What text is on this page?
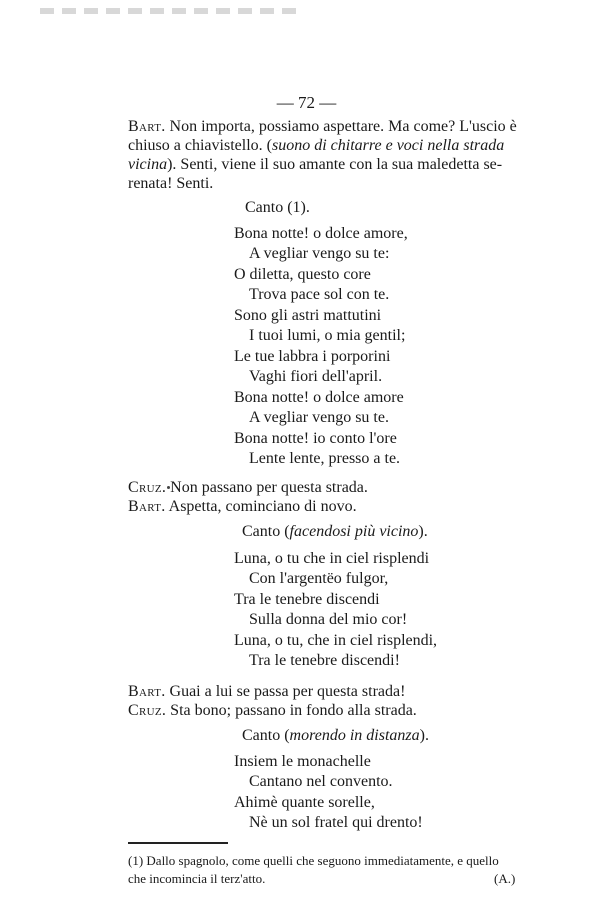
— 72 —
Bart. Non importa, possiamo aspettare. Ma come? L'uscio è
chiuso a chiavistello. (suono di chitarre e voci nella strada
vicina). Senti, viene il suo amante con la sua maledetta se-
renata! Senti.
Canto (1).
Bona notte! o dolce amore,
A vegliar vengo su te:
O diletta, questo core
Trova pace sol con te.
Sono gli astri mattutini
I tuoi lumi, o mia gentil;
Le tue labbra i porporini
Vaghi fiori dell'april.
Bona notte! o dolce amore
A vegliar vengo su te.
Bona notte! io conto l'ore
Lente lente, presso a te.
Cruz. Non passano per questa strada.
Bart. Aspetta, cominciano di novo.
Canto (facendosi più vicino).
Luna, o tu che in ciel risplendi
Con l'argentëo fulgor,
Tra le tenebre discendi
Sulla donna del mio cor!
Luna, o tu, che in ciel risplendi,
Tra le tenebre discendi!
Bart. Guai a lui se passa per questa strada!
Cruz. Sta bono; passano in fondo alla strada.
Canto (morendo in distanza).
Insiem le monachelle
Cantano nel convento.
Ahimè quante sorelle,
Nè un sol fratel qui drento!
(1) Dallo spagnolo, come quelli che seguono immediatamente, e quello
che incomincia il terz'atto.	(A.)
